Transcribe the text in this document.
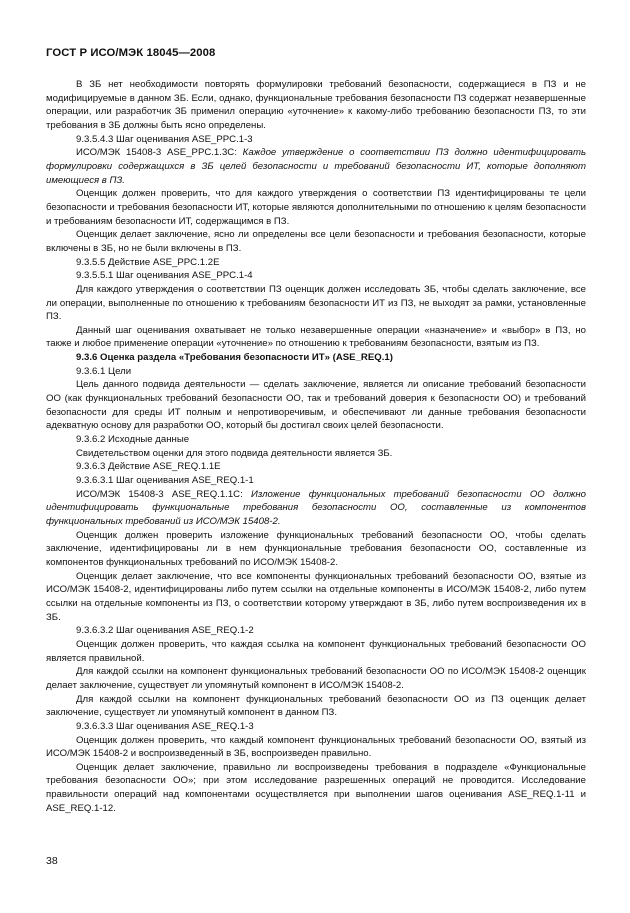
ГОСТ Р ИСО/МЭК 18045—2008

В ЗБ нет необходимости повторять формулировки требований безопасности, содержащиеся в ПЗ и не модифицируемые в данном ЗБ. Если, однако, функциональные требования безопасности ПЗ содержат незавершенные операции, или разработчик ЗБ применил операцию «уточнение» к какому-либо требованию безопасности ПЗ, то эти требования в ЗБ должны быть ясно определены.

9.3.5.4.3 Шаг оценивания ASE_PPC.1-3

ИСО/МЭК 15408-3 ASE_PPC.1.3С: Каждое утверждение о соответствии ПЗ должно идентифицировать формулировки содержащихся в ЗБ целей безопасности и требований безопасности ИТ, которые дополняют имеющиеся в ПЗ.

Оценщик должен проверить, что для каждого утверждения о соответствии ПЗ идентифицированы те цели безопасности и требования безопасности ИТ, которые являются дополнительными по отношению к целям безопасности и требованиям безопасности ИТ, содержащимся в ПЗ.

Оценщик делает заключение, ясно ли определены все цели безопасности и требования безопасности, которые включены в ЗБ, но не были включены в ПЗ.

9.3.5.5 Действие ASE_PPC.1.2E

9.3.5.5.1 Шаг оценивания ASE_PPC.1-4

Для каждого утверждения о соответствии ПЗ оценщик должен исследовать ЗБ, чтобы сделать заключение, все ли операции, выполненные по отношению к требованиям безопасности ИТ из ПЗ, не выходят за рамки, установленные ПЗ.

Данный шаг оценивания охватывает не только незавершенные операции «назначение» и «выбор» в ПЗ, но также и любое применение операции «уточнение» по отношению к требованиям безопасности, взятым из ПЗ.

9.3.6 Оценка раздела «Требования безопасности ИТ» (ASE_REQ.1)

9.3.6.1 Цели

Цель данного подвида деятельности — сделать заключение, является ли описание требований безопасности ОО (как функциональных требований безопасности ОО, так и требований доверия к безопасности ОО) и требований безопасности для среды ИТ полным и непротиворечивым, и обеспечивают ли данные требования безопасности адекватную основу для разработки ОО, который бы достигал своих целей безопасности.

9.3.6.2 Исходные данные

Свидетельством оценки для этого подвида деятельности является ЗБ.

9.3.6.3 Действие ASE_REQ.1.1E

9.3.6.3.1 Шаг оценивания ASE_REQ.1-1

ИСО/МЭК 15408-3 ASE_REQ.1.1С: Изложение функциональных требований безопасности ОО должно идентифицировать функциональные требования безопасности ОО, составленные из компонентов функциональных требований из ИСО/МЭК 15408-2.

Оценщик должен проверить изложение функциональных требований безопасности ОО, чтобы сделать заключение, идентифицированы ли в нем функциональные требования безопасности ОО, составленные из компонентов функциональных требований по ИСО/МЭК 15408-2.

Оценщик делает заключение, что все компоненты функциональных требований безопасности ОО, взятые из ИСО/МЭК 15408-2, идентифицированы либо путем ссылки на отдельные компоненты в ИСО/МЭК 15408-2, либо путем ссылки на отдельные компоненты из ПЗ, о соответствии которому утверждают в ЗБ, либо путем воспроизведения их в ЗБ.

9.3.6.3.2 Шаг оценивания ASE_REQ.1-2

Оценщик должен проверить, что каждая ссылка на компонент функциональных требований безопасности ОО является правильной.

Для каждой ссылки на компонент функциональных требований безопасности ОО по ИСО/МЭК 15408-2 оценщик делает заключение, существует ли упомянутый компонент в ИСО/МЭК 15408-2.

Для каждой ссылки на компонент функциональных требований безопасности ОО из ПЗ оценщик делает заключение, существует ли упомянутый компонент в данном ПЗ.

9.3.6.3.3 Шаг оценивания ASE_REQ.1-3

Оценщик должен проверить, что каждый компонент функциональных требований безопасности ОО, взятый из ИСО/МЭК 15408-2 и воспроизведенный в ЗБ, воспроизведен правильно.

Оценщик делает заключение, правильно ли воспроизведены требования в подразделе «Функциональные требования безопасности ОО»; при этом исследование разрешенных операций не проводится. Исследование правильности операций над компонентами осуществляется при выполнении шагов оценивания ASE_REQ.1-11 и ASE_REQ.1-12.

38
